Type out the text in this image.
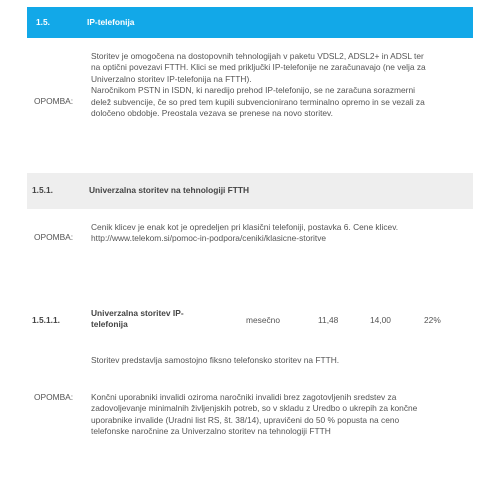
1.5.	IP-telefonija
OPOMBA:
Storitev je omogočena na dostopovnih tehnologijah v paketu VDSL2, ADSL2+ in ADSL ter
na optični povezavi FTTH. Klici se med priključki IP-telefonije ne zaračunavajo (ne velja za
Univerzalno storitev IP-telefonija na FTTH).
Naročnikom PSTN in ISDN, ki naredijo prehod IP-telefonijo, se ne zaračuna sorazmerni
delež subvencije, če so pred tem kupili subvencionirano terminalno opremo in se vezali za
določeno obdobje. Preostala vezava se prenese na novo storitev.
1.5.1.	Univerzalna storitev na tehnologiji FTTH
OPOMBA:
Cenik klicev je enak kot je opredeljen pri klasični telefoniji, postavka 6. Cene klicev.
http://www.telekom.si/pomoc-in-podpora/ceniki/klasicne-storitve
1.5.1.1.
Univerzalna storitev IP-
telefonija	mesečno	11,48	14,00	22%
Storitev predstavlja samostojno fiksno telefonsko storitev na FTTH.
OPOMBA: Končni uporabniki invalidi oziroma naročniki invalidi brez zagotovljenih sredstev za
zadovoljevanje minimalnih življenjskih potreb, so v skladu z Uredbo o ukrepih za končne
uporabnike invalide (Uradni list RS, št. 38/14), upravičeni do 50 % popusta na ceno
telefonske naročnine za Univerzalno storitev na tehnologiji FTTH
